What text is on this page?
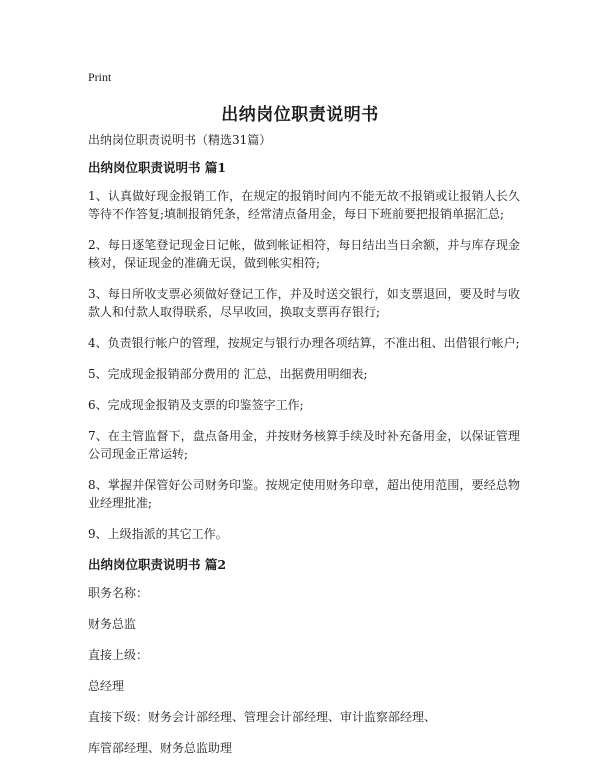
Print
出纳岗位职责说明书
出纳岗位职责说明书（精选31篇）
出纳岗位职责说明书 篇1
1、认真做好现金报销工作，在规定的报销时间内不能无故不报销或让报销人长久等待不作答复;填制报销凭条，经常清点备用金，每日下班前要把报销单据汇总;
2、每日逐笔登记现金日记帐，做到帐证相符，每日结出当日余额，并与库存现金核对，保证现金的准确无误，做到帐实相符;
3、每日所收支票必须做好登记工作，并及时送交银行，如支票退回，要及时与收款人和付款人取得联系，尽早收回，换取支票再存银行;
4、负责银行帐户的管理，按规定与银行办理各项结算，不准出租、出借银行帐户;
5、完成现金报销部分费用的 汇总，出据费用明细表;
6、完成现金报销及支票的印鉴签字工作;
7、在主管监督下，盘点备用金，并按财务核算手续及时补充备用金，以保证管理公司现金正常运转;
8、掌握并保管好公司财务印鉴。按规定使用财务印章，超出使用范围，要经总物业经理批准;
9、上级指派的其它工作。
出纳岗位职责说明书 篇2
职务名称：
财务总监
直接上级：
总经理
直接下级：财务会计部经理、管理会计部经理、审计监察部经理、
库管部经理、财务总监助理
